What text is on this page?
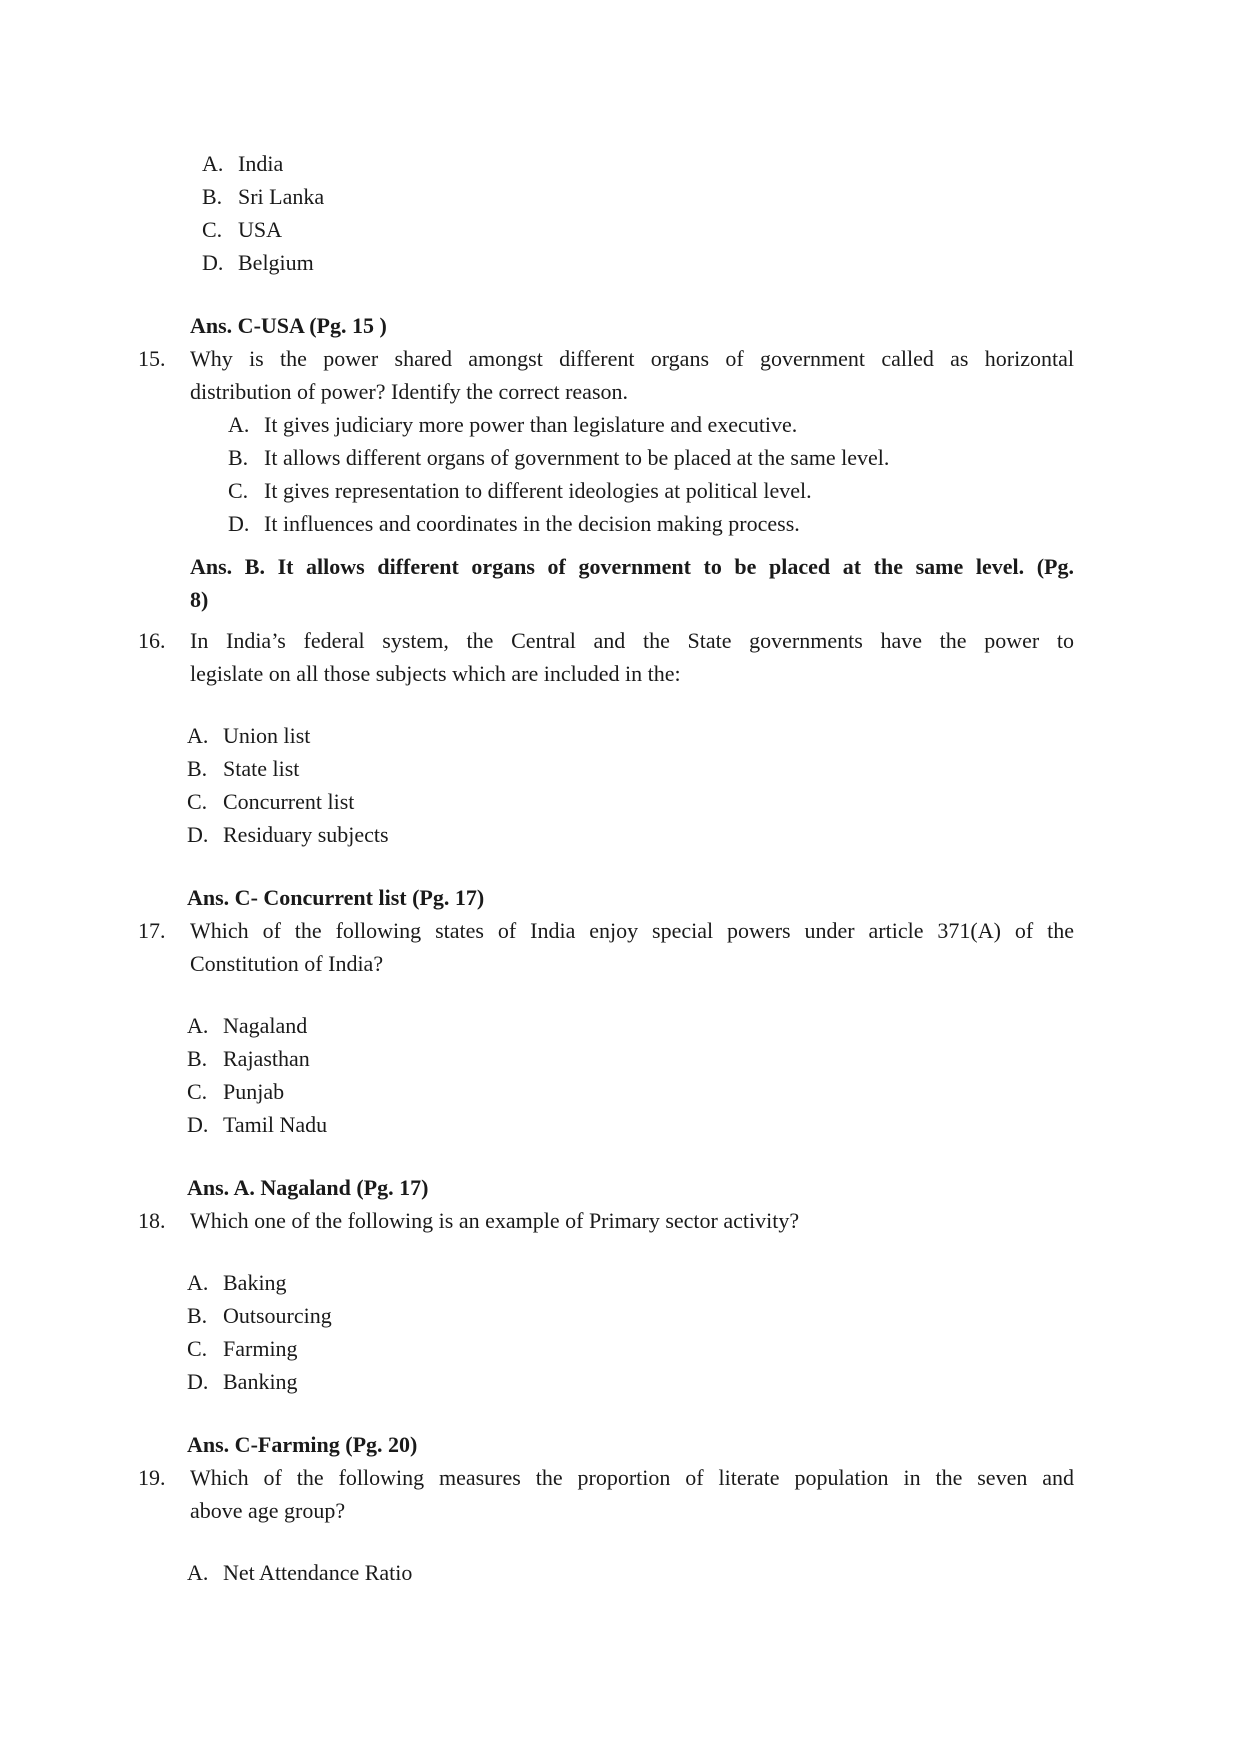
A. India
B. Sri Lanka
C. USA
D. Belgium
Ans. C-USA (Pg. 15 )
15. Why is the power shared amongst different organs of government called as horizontal
distribution of power? Identify the correct reason.
A. It gives judiciary more power than legislature and executive.
B. It allows different organs of government to be placed at the same level.
C. It gives representation to different ideologies at political level.
D. It influences and coordinates in the decision making process.
Ans. B. It allows different organs of government to be placed at the same level. (Pg.
8)
16. In India’s federal system, the Central and the State governments have the power to
legislate on all those subjects which are included in the:
A. Union list
B. State list
C. Concurrent list
D. Residuary subjects
Ans. C- Concurrent list (Pg. 17)
17. Which of the following states of India enjoy special powers under article 371(A) of the
Constitution of India?
A. Nagaland
B. Rajasthan
C. Punjab
D. Tamil Nadu
Ans. A. Nagaland (Pg. 17)
18. Which one of the following is an example of Primary sector activity?
A. Baking
B. Outsourcing
C. Farming
D. Banking
Ans. C-Farming (Pg. 20)
19. Which of the following measures the proportion of literate population in the seven and
above age group?
A. Net Attendance Ratio
